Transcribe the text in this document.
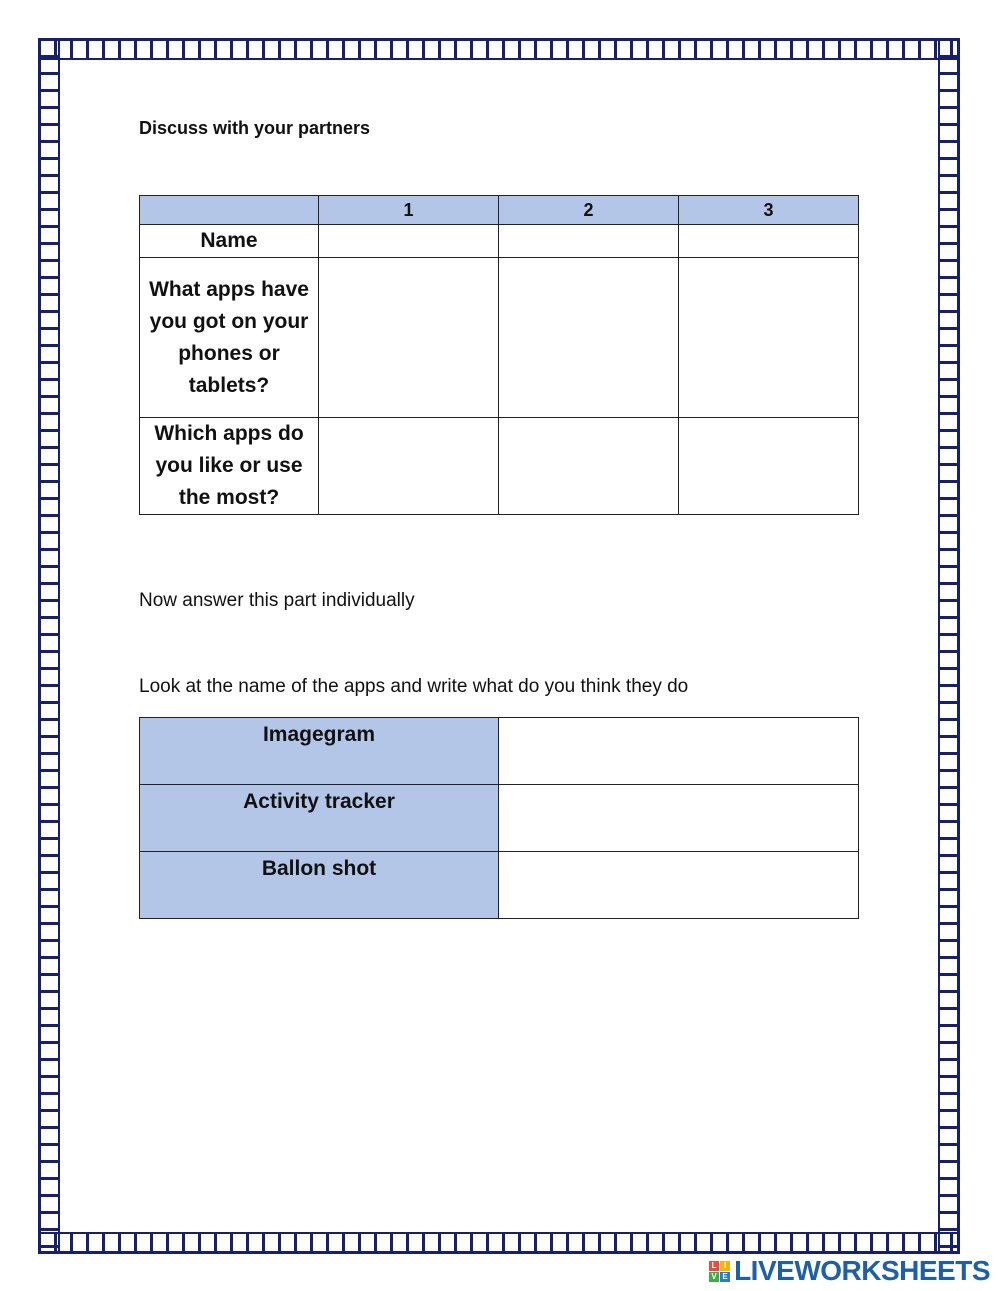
Discuss with your partners
	1	2	3
Name			
What apps have you got on your phones or tablets?			
Which apps do you like or use the most?			
Now answer this part individually
Look at the name of the apps and write what do you think they do
Imagegram	
Activity tracker	
Ballon shot	
L I
V E LIVEWORKSHEETS
